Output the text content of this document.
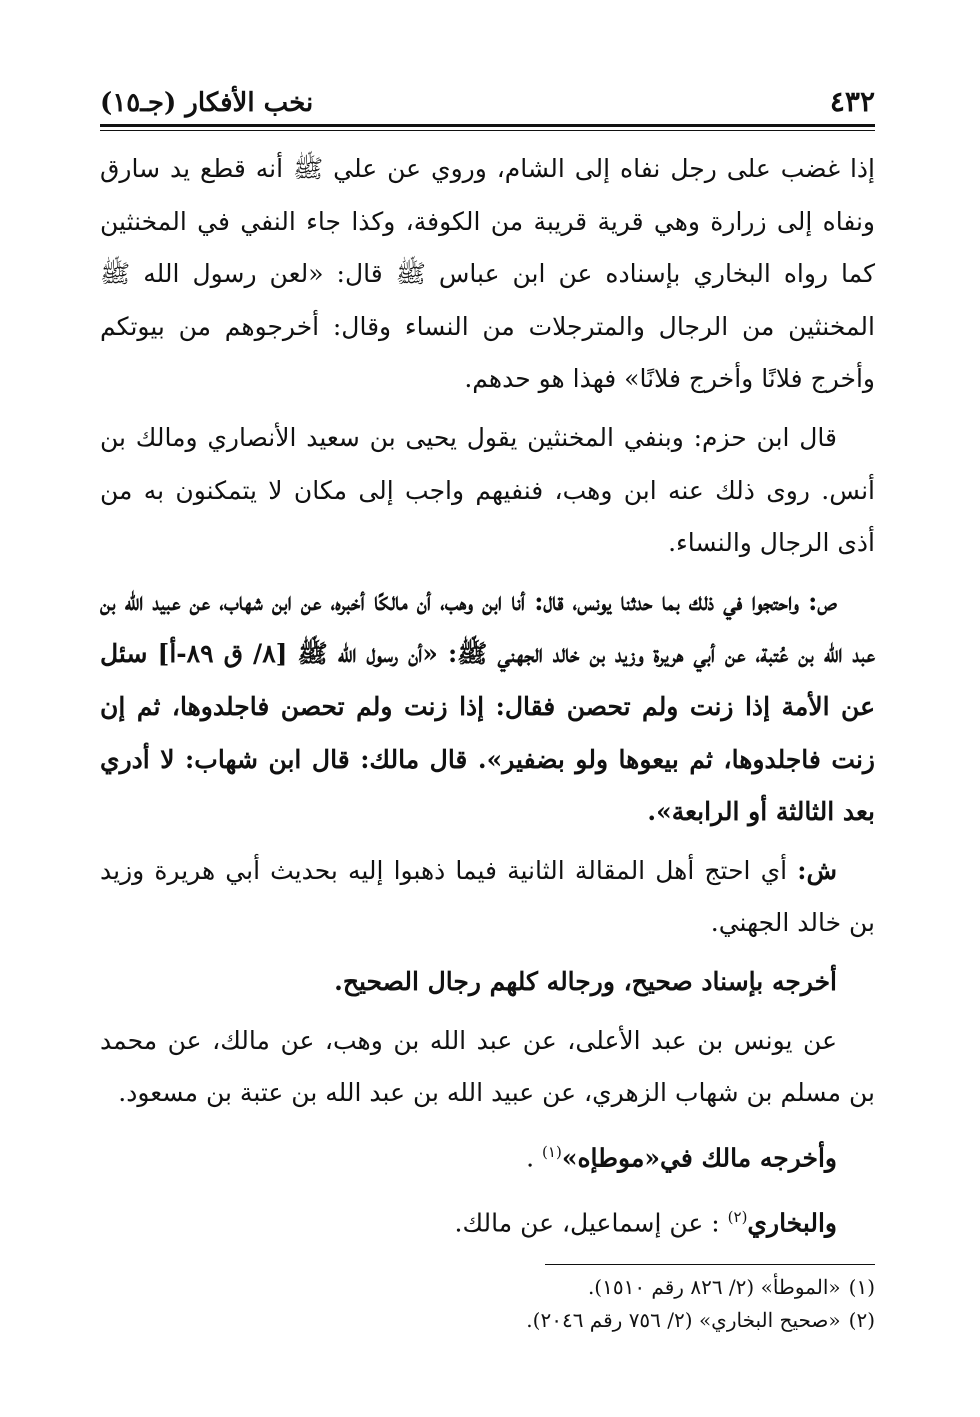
٤٣٢
نخب الأفكار (جـ١٥)

إذا غضب على رجل نفاه إلى الشام، وروي عن علي ﷺ أنه قطع يد سارق ونفاه إلى زرارة وهي قرية قريبة من الكوفة، وكذا جاء النفي في المخنثين كما رواه البخاري بإسناده عن ابن عباس ﷺ قال: «لعن رسول الله ﷺ المخنثين من الرجال والمترجلات من النساء وقال: أخرجوهم من بيوتكم وأخرج فلانًا وأخرج فلانًا» فهذا هو حدهم.

قال ابن حزم: وبنفي المخنثين يقول يحيى بن سعيد الأنصاري ومالك بن أنس. روى ذلك عنه ابن وهب، فنفيهم واجب إلى مكان لا يتمكنون به من أذى الرجال والنساء.

ص: واحتجوا في ذلك بما حدثنا يونس، قال: أنا ابن وهب، أن مالكًا أخبره، عن ابن شهاب، عن عبيد الله بن عبد الله بن عُتبة، عن أبي هريرة وزيد بن خالد الجهني ﷺ: «أن رسول الله ﷺ [٨/ ق ٨٩-أ] سئل عن الأمة إذا زنت ولم تحصن فقال: إذا زنت ولم تحصن فاجلدوها، ثم إن زنت فاجلدوها، ثم بيعوها ولو بضفير». قال مالك: قال ابن شهاب: لا أدري بعد الثالثة أو الرابعة».

ش: أي احتج أهل المقالة الثانية فيما ذهبوا إليه بحديث أبي هريرة وزيد بن خالد الجهني.

أخرجه بإسناد صحيح، ورجاله كلهم رجال الصحيح.

عن يونس بن عبد الأعلى، عن عبد الله بن وهب، عن مالك، عن محمد بن مسلم بن شهاب الزهري، عن عبيد الله بن عبد الله بن عتبة بن مسعود.

وأخرجه مالك في«موطإه»$^{(١)}$ .

والبخاري$^{(٢)}$ : عن إسماعيل، عن مالك.

(١)«الموطأ» (٢/ ٨٢٦ رقم ١٥١٠).
(٢)«صحيح البخاري» (٢/ ٧٥٦ رقم ٢٠٤٦).
